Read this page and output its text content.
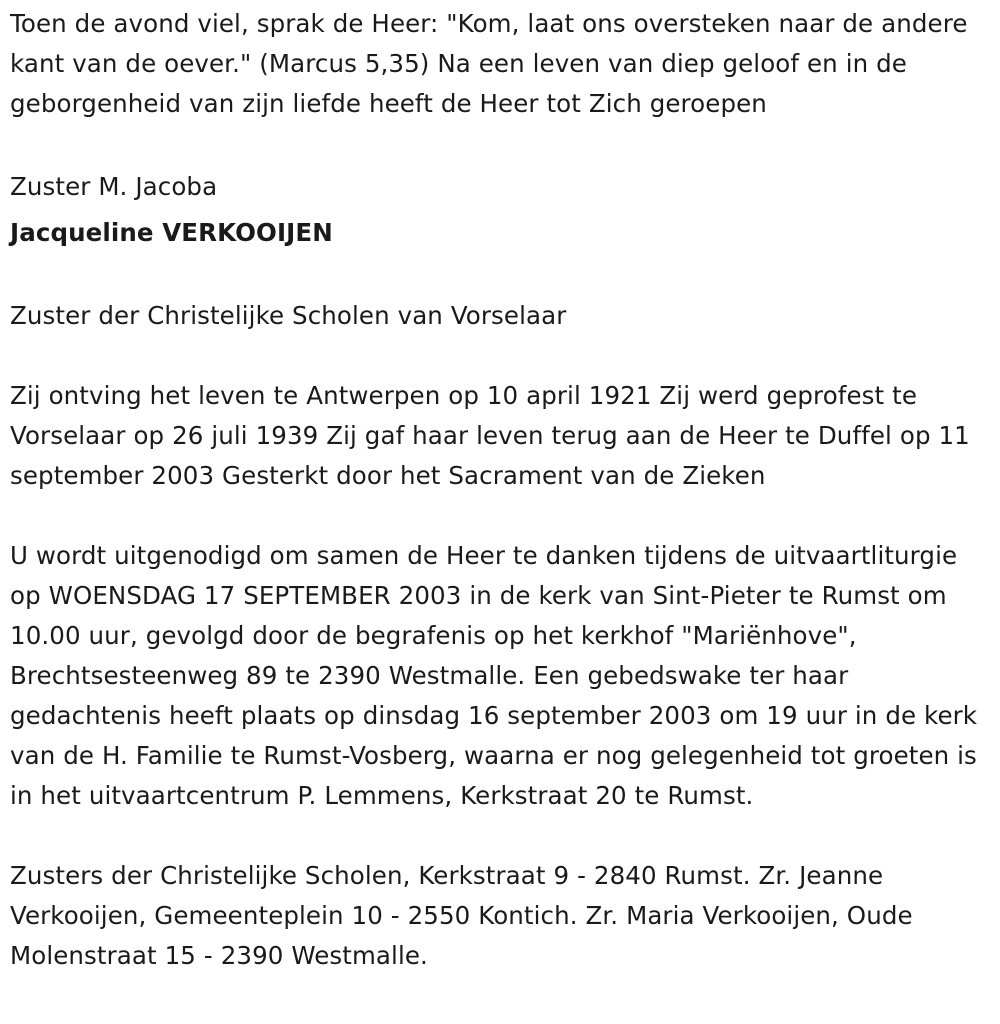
Toen de avond viel, sprak de Heer: "Kom, laat ons oversteken naar de andere kant van de oever." (Marcus 5,35) Na een leven van diep geloof en in de geborgenheid van zijn liefde heeft de Heer tot Zich geroepen

Zuster M. Jacoba

Jacqueline VERKOOIJEN

Zuster der Christelijke Scholen van Vorselaar

Zij ontving het leven te Antwerpen op 10 april 1921 Zij werd geprofest te Vorselaar op 26 juli 1939 Zij gaf haar leven terug aan de Heer te Duffel op 11 september 2003 Gesterkt door het Sacrament van de Zieken

U wordt uitgenodigd om samen de Heer te danken tijdens de uitvaartliturgie op WOENSDAG 17 SEPTEMBER 2003 in de kerk van Sint-Pieter te Rumst om 10.00 uur, gevolgd door de begrafenis op het kerkhof "Mariënhove", Brechtsesteenweg 89 te 2390 Westmalle. Een gebedswake ter haar gedachtenis heeft plaats op dinsdag 16 september 2003 om 19 uur in de kerk van de H. Familie te Rumst-Vosberg, waarna er nog gelegenheid tot groeten is in het uitvaartcentrum P. Lemmens, Kerkstraat 20 te Rumst.

Zusters der Christelijke Scholen, Kerkstraat 9 - 2840 Rumst. Zr. Jeanne Verkooijen, Gemeenteplein 10 - 2550 Kontich. Zr. Maria Verkooijen, Oude Molenstraat 15 - 2390 Westmalle.
